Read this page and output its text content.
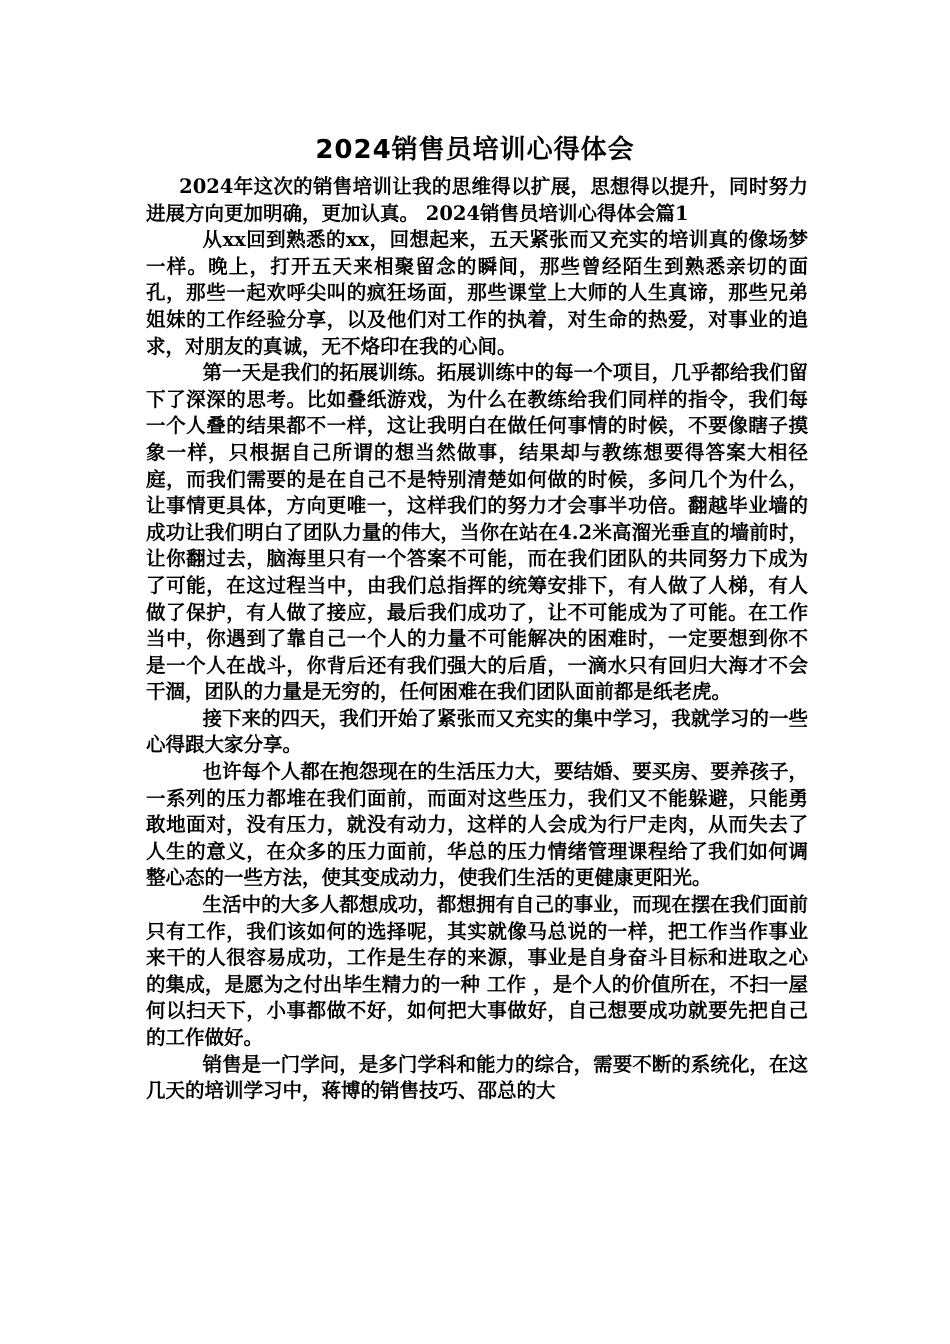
2024销售员培训心得体会

2024年这次的销售培训让我的思维得以扩展，思想得以提升，同时努力进展方向更加明确，更加认真。 2024销售员培训心得体会篇1

从xx回到熟悉的xx，回想起来，五天紧张而又充实的培训真的像场梦一样。晚上，打开五天来相聚留念的瞬间，那些曾经陌生到熟悉亲切的面孔，那些一起欢呼尖叫的疯狂场面，那些课堂上大师的人生真谛，那些兄弟姐妹的工作经验分享，以及他们对工作的执着，对生命的热爱，对事业的追求，对朋友的真诚，无不烙印在我的心间。

第一天是我们的拓展训练。拓展训练中的每一个项目，几乎都给我们留下了深深的思考。比如叠纸游戏，为什么在教练给我们同样的指令，我们每一个人叠的结果都不一样，这让我明白在做任何事情的时候，不要像瞎子摸象一样，只根据自己所谓的想当然做事，结果却与教练想要得答案大相径庭，而我们需要的是在自己不是特别清楚如何做的时候，多问几个为什么，让事情更具体，方向更唯一，这样我们的努力才会事半功倍。翻越毕业墙的成功让我们明白了团队力量的伟大，当你在站在4.2米高溜光垂直的墙前时，让你翻过去，脑海里只有一个答案不可能，而在我们团队的共同努力下成为了可能，在这过程当中，由我们总指挥的统筹安排下，有人做了人梯，有人做了保护，有人做了接应，最后我们成功了，让不可能成为了可能。在工作当中，你遇到了靠自己一个人的力量不可能解决的困难时，一定要想到你不是一个人在战斗，你背后还有我们强大的后盾，一滴水只有回归大海才不会干涸，团队的力量是无穷的，任何困难在我们团队面前都是纸老虎。

接下来的四天，我们开始了紧张而又充实的集中学习，我就学习的一些心得跟大家分享。

也许每个人都在抱怨现在的生活压力大，要结婚、要买房、要养孩子，一系列的压力都堆在我们面前，而面对这些压力，我们又不能躲避，只能勇敢地面对，没有压力，就没有动力，这样的人会成为行尸走肉，从而失去了人生的意义，在众多的压力面前，华总的压力情绪管理课程给了我们如何调整心态的一些方法，使其变成动力，使我们生活的更健康更阳光。

生活中的大多人都想成功，都想拥有自己的事业，而现在摆在我们面前只有工作，我们该如何的选择呢，其实就像马总说的一样，把工作当作事业来干的人很容易成功，工作是生存的来源，事业是自身奋斗目标和进取之心的集成，是愿为之付出毕生精力的一种 工作 ，是个人的价值所在，不扫一屋何以扫天下，小事都做不好，如何把大事做好，自己想要成功就要先把自己的工作做好。

销售是一门学问，是多门学科和能力的综合，需要不断的系统化，在这几天的培训学习中，蒋博的销售技巧、邵总的大
